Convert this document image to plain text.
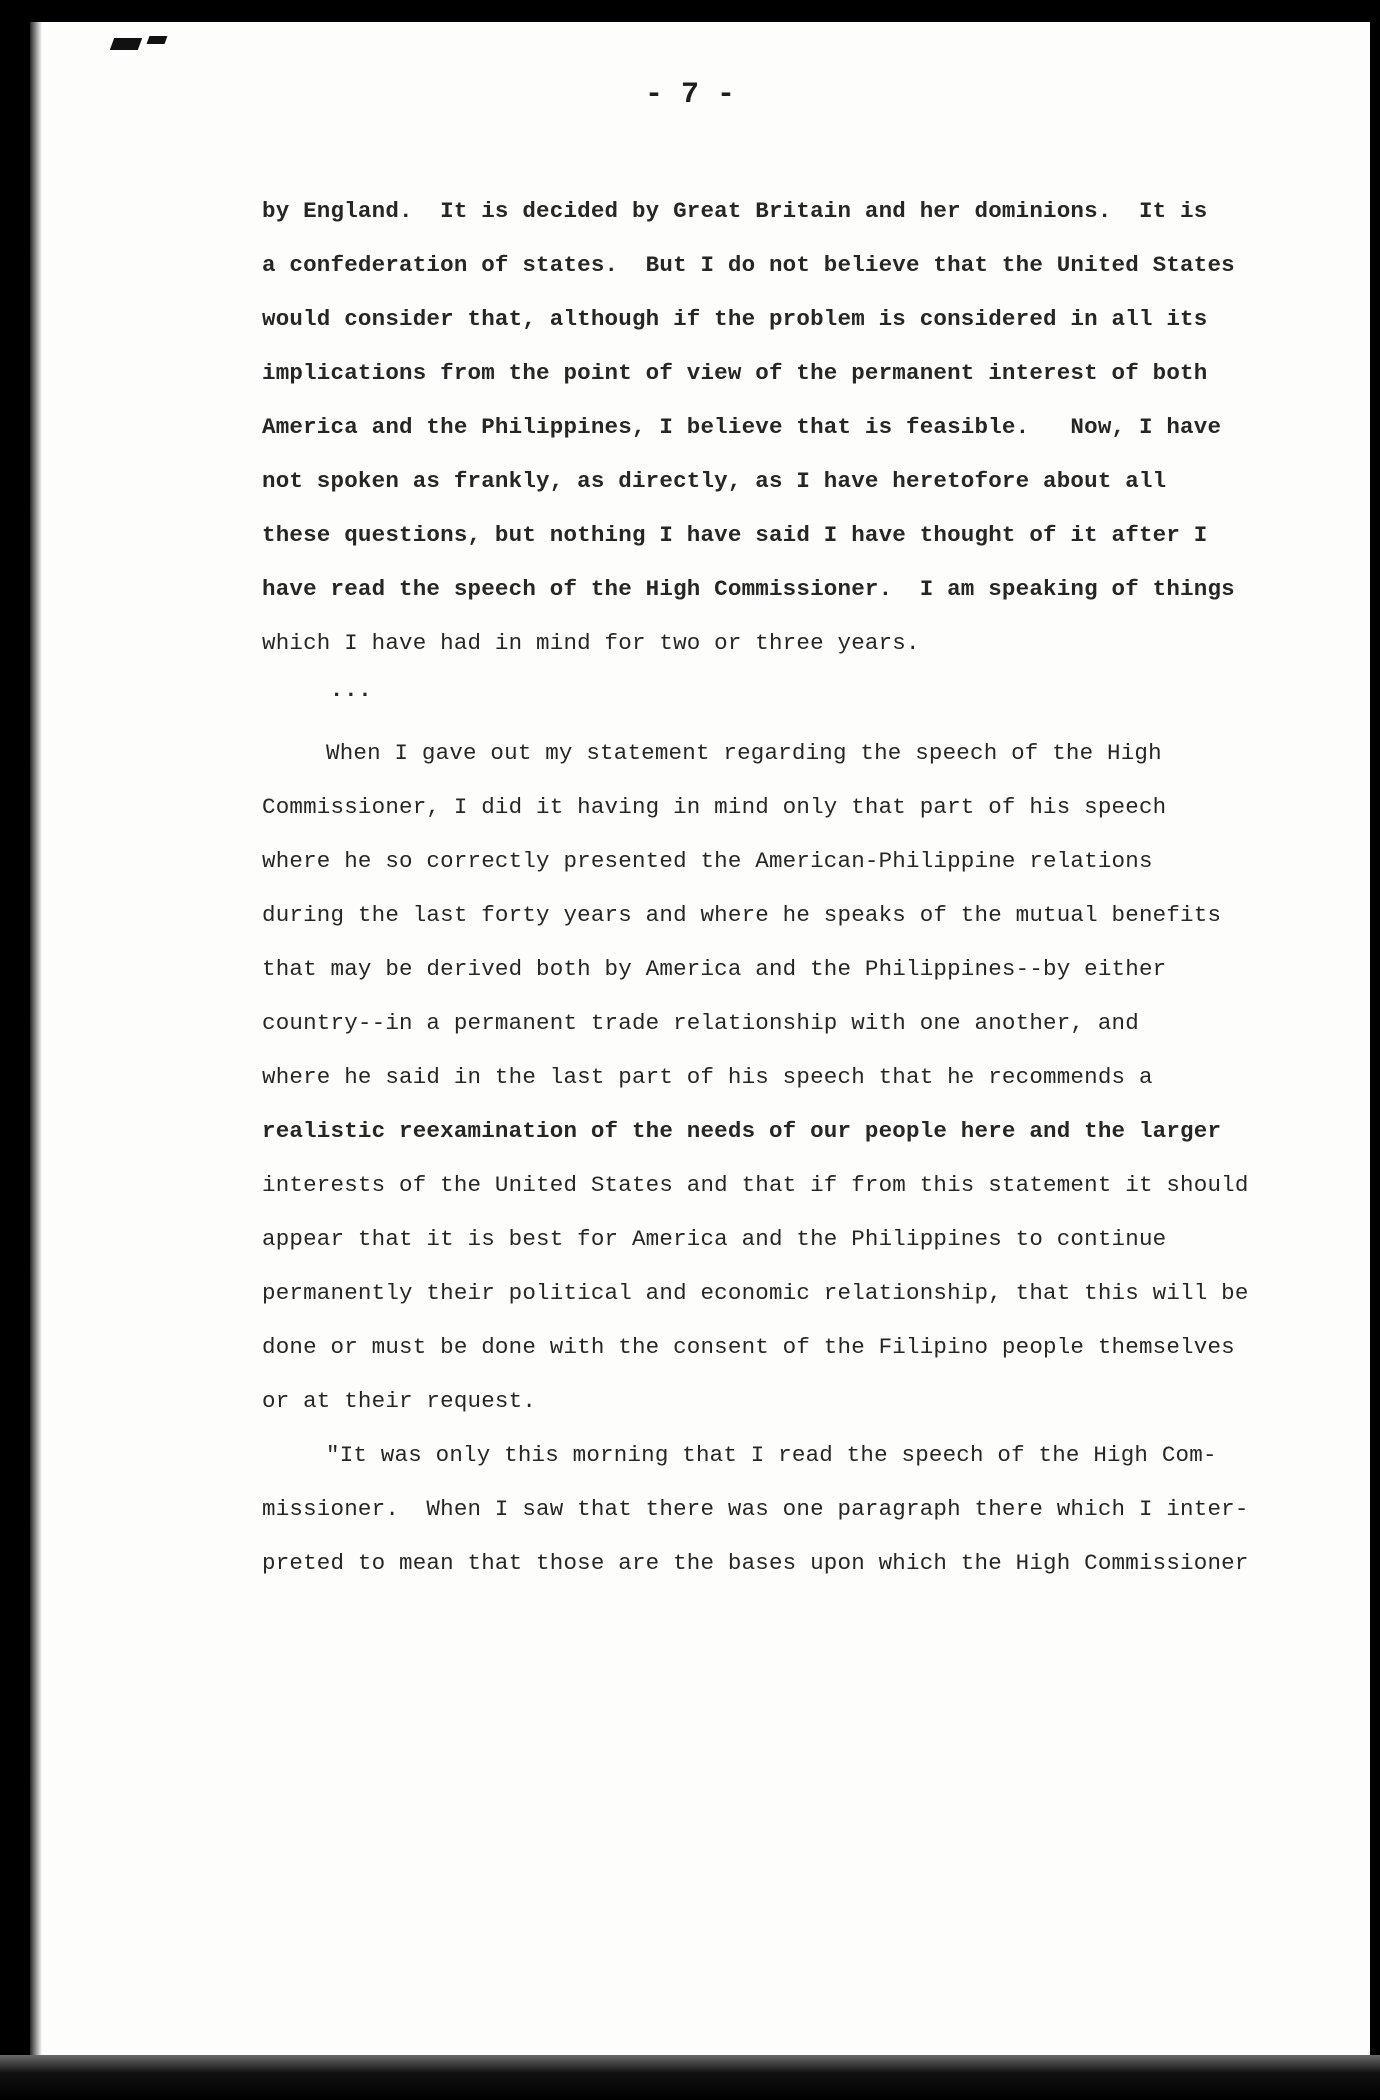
- 7 -
by England.  It is decided by Great Britain and her dominions.  It is
a confederation of states.  But I do not believe that the United States
would consider that, although if the problem is considered in all its
implications from the point of view of the permanent interest of both
America and the Philippines, I believe that is feasible.   Now, I have
not spoken as frankly, as directly, as I have heretofore about all
these questions, but nothing I have said I have thought of it after I
have read the speech of the High Commissioner.  I am speaking of things
which I have had in mind for two or three years.
...
When I gave out my statement regarding the speech of the High
Commissioner, I did it having in mind only that part of his speech
where he so correctly presented the American-Philippine relations
during the last forty years and where he speaks of the mutual benefits
that may be derived both by America and the Philippines--by either
country--in a permanent trade relationship with one another, and
where he said in the last part of his speech that he recommends a
realistic reexamination of the needs of our people here and the larger
interests of the United States and that if from this statement it should
appear that it is best for America and the Philippines to continue
permanently their political and economic relationship, that this will be
done or must be done with the consent of the Filipino people themselves
or at their request.
"It was only this morning that I read the speech of the High Com-
missioner.  When I saw that there was one paragraph there which I inter-
preted to mean that those are the bases upon which the High Commissioner
